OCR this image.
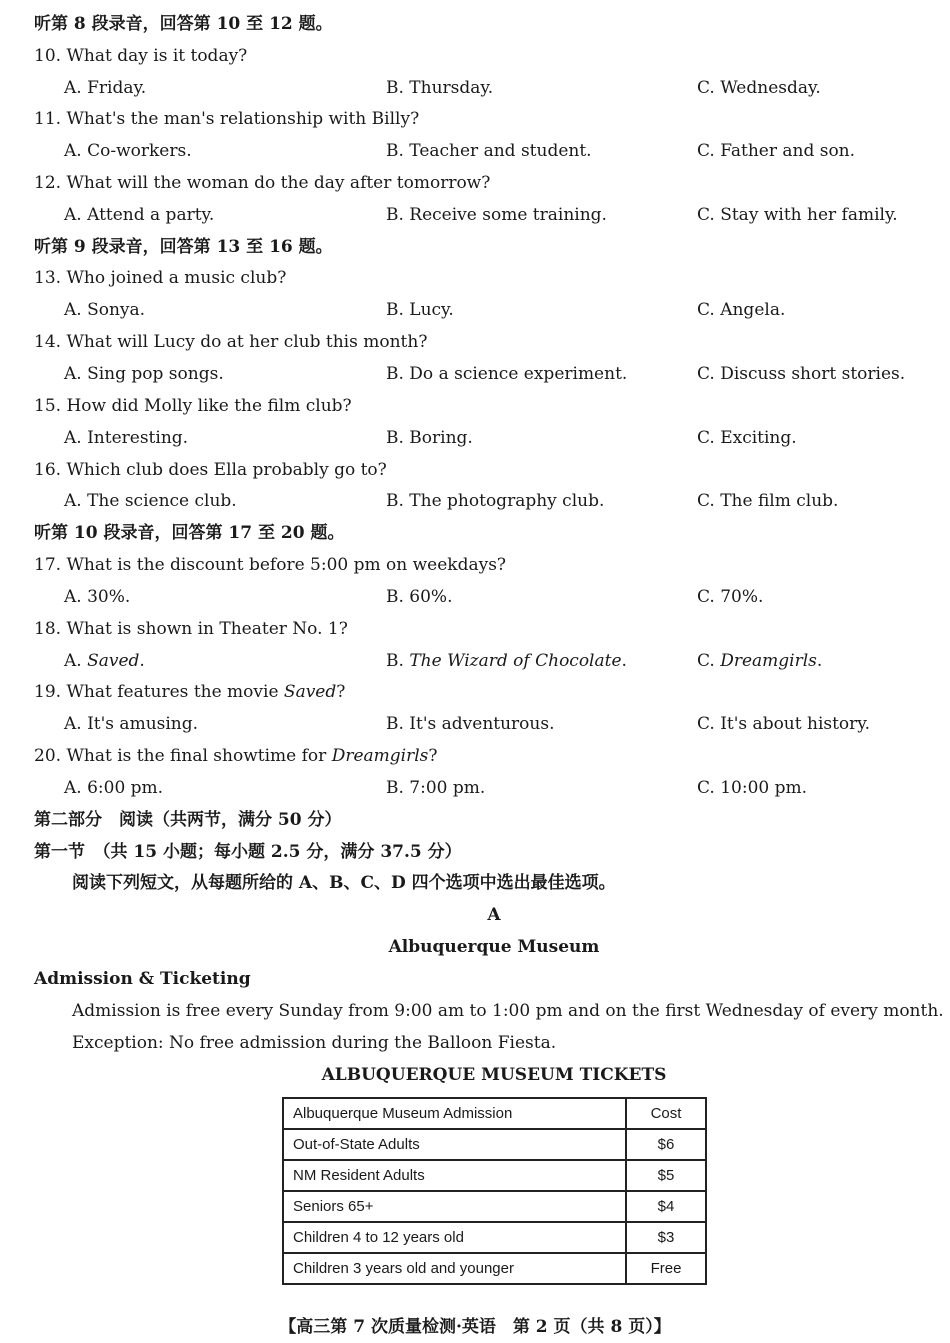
听第 8 段录音，回答第 10 至 12 题。
10. What day is it today?
A. Friday.	B. Thursday.	C. Wednesday.
11. What's the man's relationship with Billy?
A. Co-workers.	B. Teacher and student.	C. Father and son.
12. What will the woman do the day after tomorrow?
A. Attend a party.	B. Receive some training.	C. Stay with her family.
听第 9 段录音，回答第 13 至 16 题。
13. Who joined a music club?
A. Sonya.	B. Lucy.	C. Angela.
14. What will Lucy do at her club this month?
A. Sing pop songs.	B. Do a science experiment.	C. Discuss short stories.
15. How did Molly like the film club?
A. Interesting.	B. Boring.	C. Exciting.
16. Which club does Ella probably go to?
A. The science club.	B. The photography club.	C. The film club.
听第 10 段录音，回答第 17 至 20 题。
17. What is the discount before 5:00 pm on weekdays?
A. 30%.	B. 60%.	C. 70%.
18. What is shown in Theater No. 1?
A. Saved.	B. The Wizard of Chocolate.	C. Dreamgirls.
19. What features the movie Saved?
A. It's amusing.	B. It's adventurous.	C. It's about history.
20. What is the final showtime for Dreamgirls?
A. 6:00 pm.	B. 7:00 pm.	C. 10:00 pm.
第二部分　阅读（共两节，满分 50 分）
第一节　（共 15 小题；每小题 2.5 分，满分 37.5 分）
阅读下列短文，从每题所给的 A、B、C、D 四个选项中选出最佳选项。
A
Albuquerque Museum
Admission & Ticketing
Admission is free every Sunday from 9:00 am to 1:00 pm and on the first Wednesday of every month.
Exception: No free admission during the Balloon Fiesta.
ALBUQUERQUE MUSEUM TICKETS
Albuquerque Museum Admission	Cost
Out-of-State Adults	$6
NM Resident Adults	$5
Seniors 65+	$4
Children 4 to 12 years old	$3
Children 3 years old and younger	Free
【高三第 7 次质量检测·英语　第 2 页（共 8 页）】
